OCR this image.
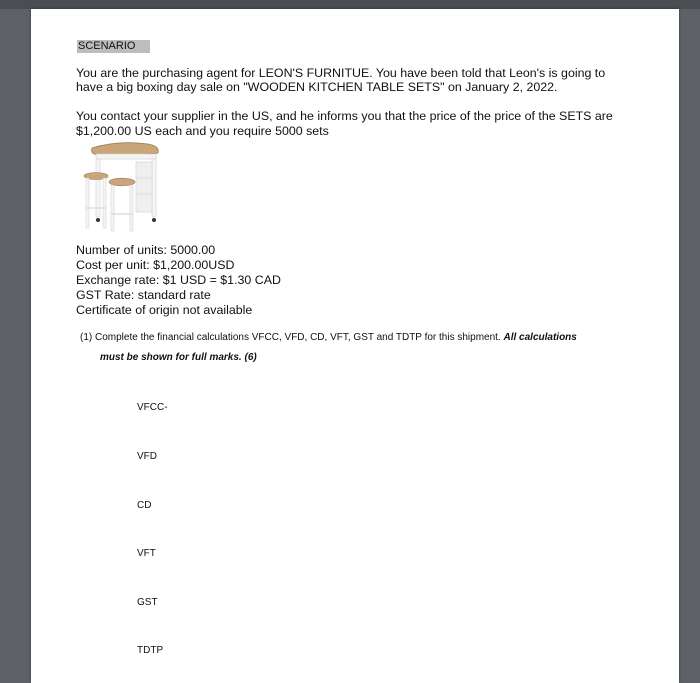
SCENARIO
You are the purchasing agent for LEON'S FURNITUE. You have been told that Leon's is going to
have a big boxing day sale on "WOODEN KITCHEN TABLE SETS" on January 2, 2022.
You contact your supplier in the US, and he informs you that the price of the price of the SETS are
$1,200.00 US each and you require 5000 sets
Number of units: 5000.00
Cost per unit: $1,200.00USD
Exchange rate: $1 USD = $1.30 CAD
GST Rate: standard rate
Certificate of origin not available
(1) Complete the financial calculations VFCC, VFD, CD, VFT, GST and TDTP for this shipment. All calculations
must be shown for full marks. (6)
VFCC-
VFD
CD
VFT
GST
TDTP
